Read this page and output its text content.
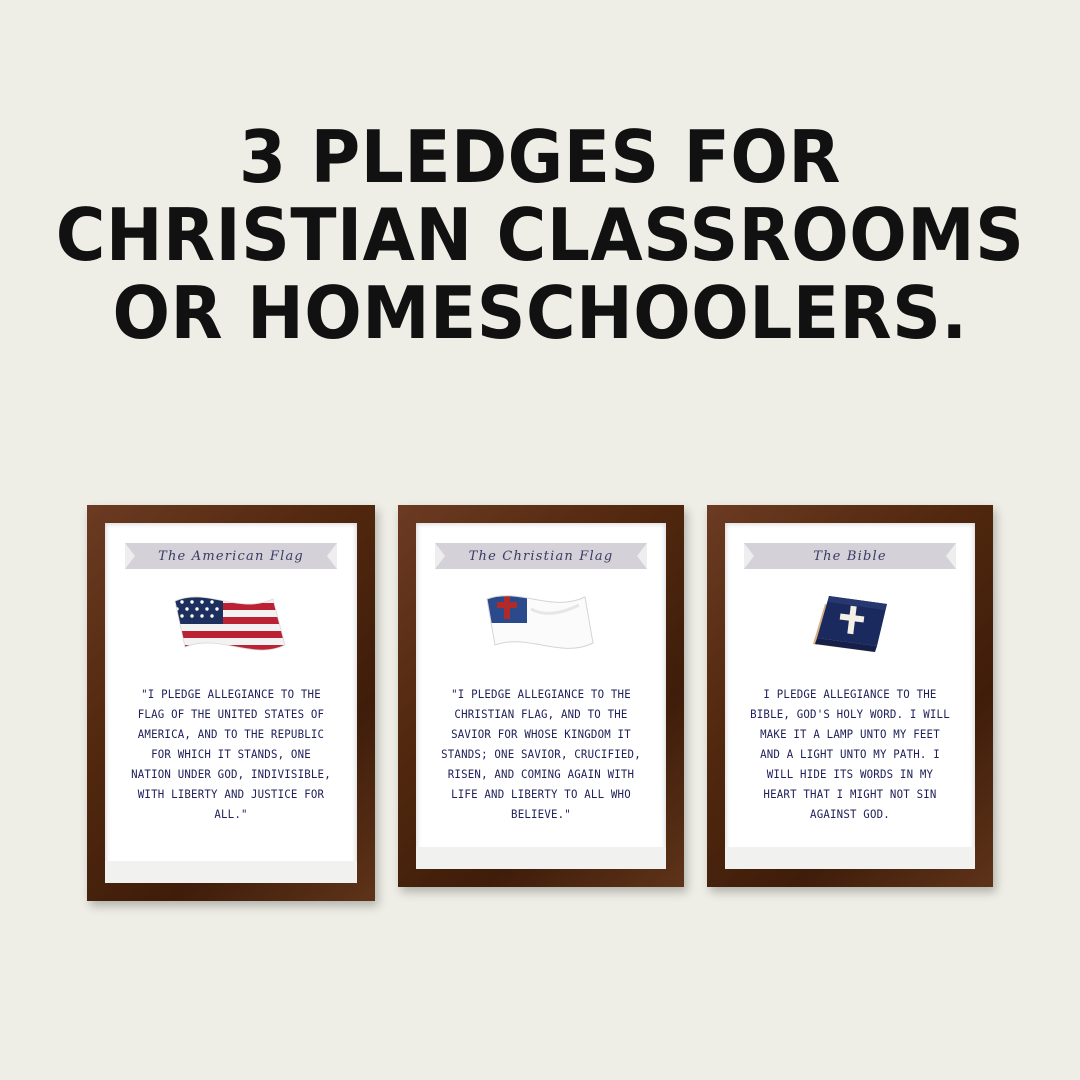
3 PLEDGES FOR
CHRISTIAN CLASSROOMS
OR HOMESCHOOLERS.
The American Flag
"I PLEDGE ALLEGIANCE TO THE FLAG OF THE UNITED STATES OF AMERICA, AND TO THE REPUBLIC FOR WHICH IT STANDS, ONE NATION UNDER GOD, INDIVISIBLE, WITH LIBERTY AND JUSTICE FOR ALL."
The Christian Flag
"I PLEDGE ALLEGIANCE TO THE CHRISTIAN FLAG, AND TO THE SAVIOR FOR WHOSE KINGDOM IT STANDS; ONE SAVIOR, CRUCIFIED, RISEN, AND COMING AGAIN WITH LIFE AND LIBERTY TO ALL WHO BELIEVE."
The Bible
I PLEDGE ALLEGIANCE TO THE BIBLE, GOD'S HOLY WORD. I WILL MAKE IT A LAMP UNTO MY FEET AND A LIGHT UNTO MY PATH. I WILL HIDE ITS WORDS IN MY HEART THAT I MIGHT NOT SIN AGAINST GOD.
